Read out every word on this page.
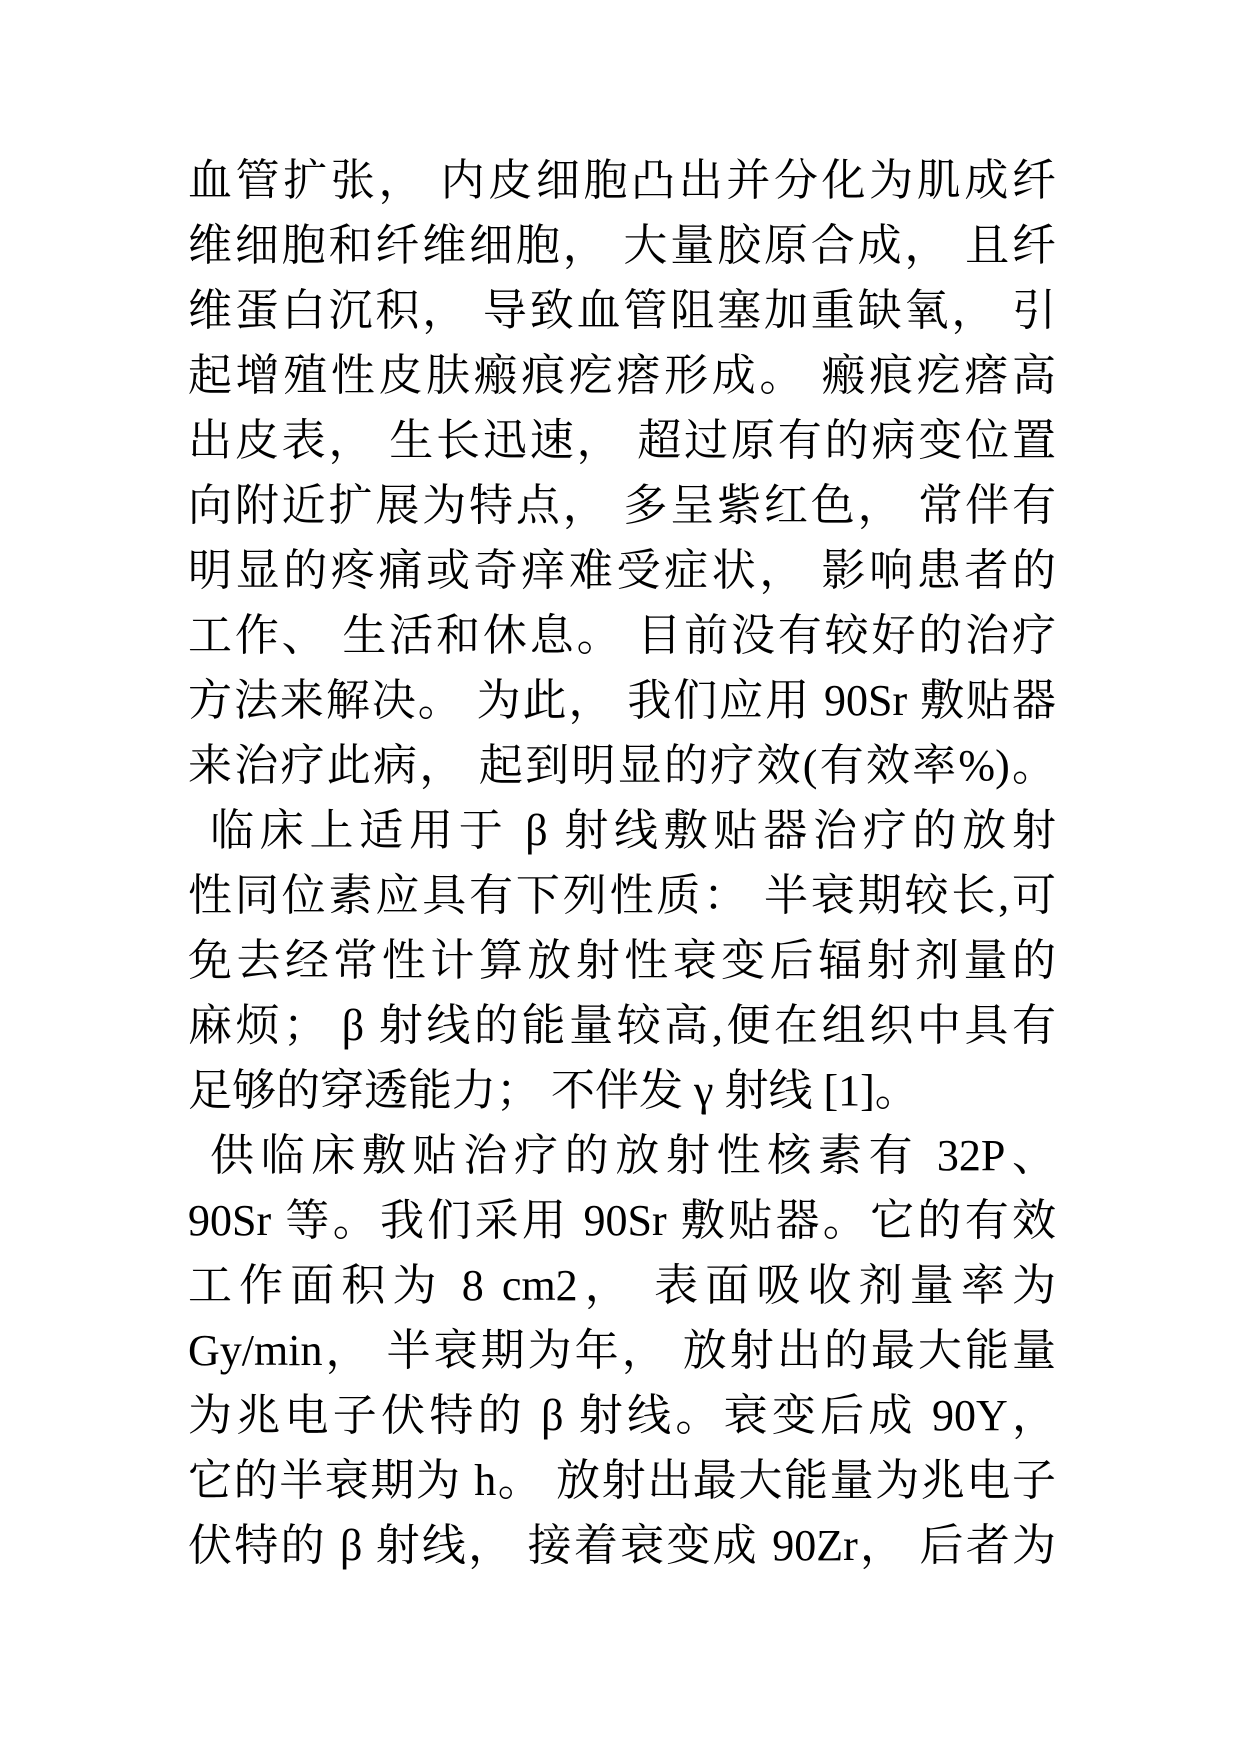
血管扩张， 内皮细胞凸出并分化为肌成纤
维细胞和纤维细胞， 大量胶原合成， 且纤
维蛋白沉积， 导致血管阻塞加重缺氧， 引
起增殖性皮肤瘢痕疙瘩形成。 瘢痕疙瘩高
出皮表， 生长迅速， 超过原有的病变位置
向附近扩展为特点， 多呈紫红色， 常伴有
明显的疼痛或奇痒难受症状， 影响患者的
工作、 生活和休息。 目前没有较好的治疗
方法来解决。 为此， 我们应用 90Sr 敷贴器
来治疗此病， 起到明显的疗效(有效率%)。
临床上适用于 β 射线敷贴器治疗的放射
性同位素应具有下列性质： 半衰期较长,可
免去经常性计算放射性衰变后辐射剂量的
麻烦； β 射线的能量较高,便在组织中具有
足够的穿透能力； 不伴发 γ 射线 [1]。
供临床敷贴治疗的放射性核素有 32P、
90Sr 等。我们采用 90Sr 敷贴器。它的有效
工作面积为 8 cm2， 表面吸收剂量率为
Gy/min， 半衰期为年， 放射出的最大能量
为兆电子伏特的 β 射线。衰变后成 90Y，
它的半衰期为 h。 放射出最大能量为兆电子
伏特的 β 射线， 接着衰变成 90Zr， 后者为
